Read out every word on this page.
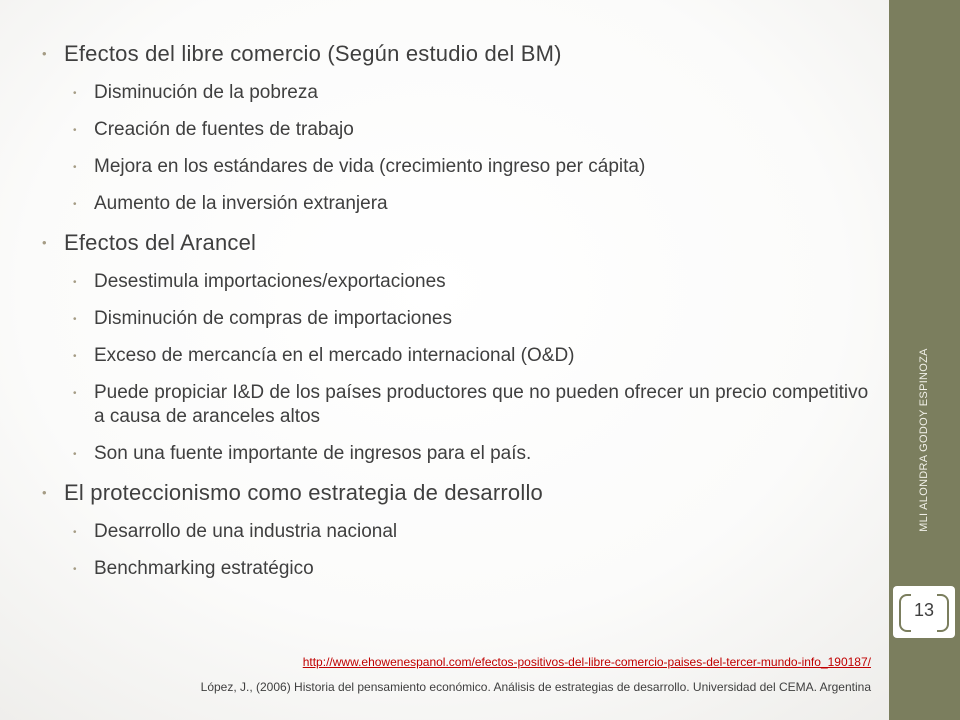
• Efectos del libre comercio (Según estudio del BM)
• Disminución de la pobreza
• Creación de fuentes de trabajo
• Mejora en los estándares de vida (crecimiento ingreso per cápita)
• Aumento de la inversión extranjera
• Efectos del Arancel
• Desestimula importaciones/exportaciones
• Disminución de compras de importaciones
• Exceso de mercancía en el mercado internacional (O&D)
• Puede propiciar I&D de los países productores que no pueden ofrecer un precio competitivo a causa de aranceles altos
• Son una fuente importante de ingresos para el país.
• El proteccionismo como estrategia de desarrollo
• Desarrollo de una industria nacional
• Benchmarking estratégico
MLI ALONDRA GODOY ESPINOZA
13
http://www.ehowenespanol.com/efectos-positivos-del-libre-comercio-paises-del-tercer-mundo-info_190187/
López, J., (2006) Historia del pensamiento económico. Análisis de estrategias de desarrollo. Universidad del CEMA. Argentina
